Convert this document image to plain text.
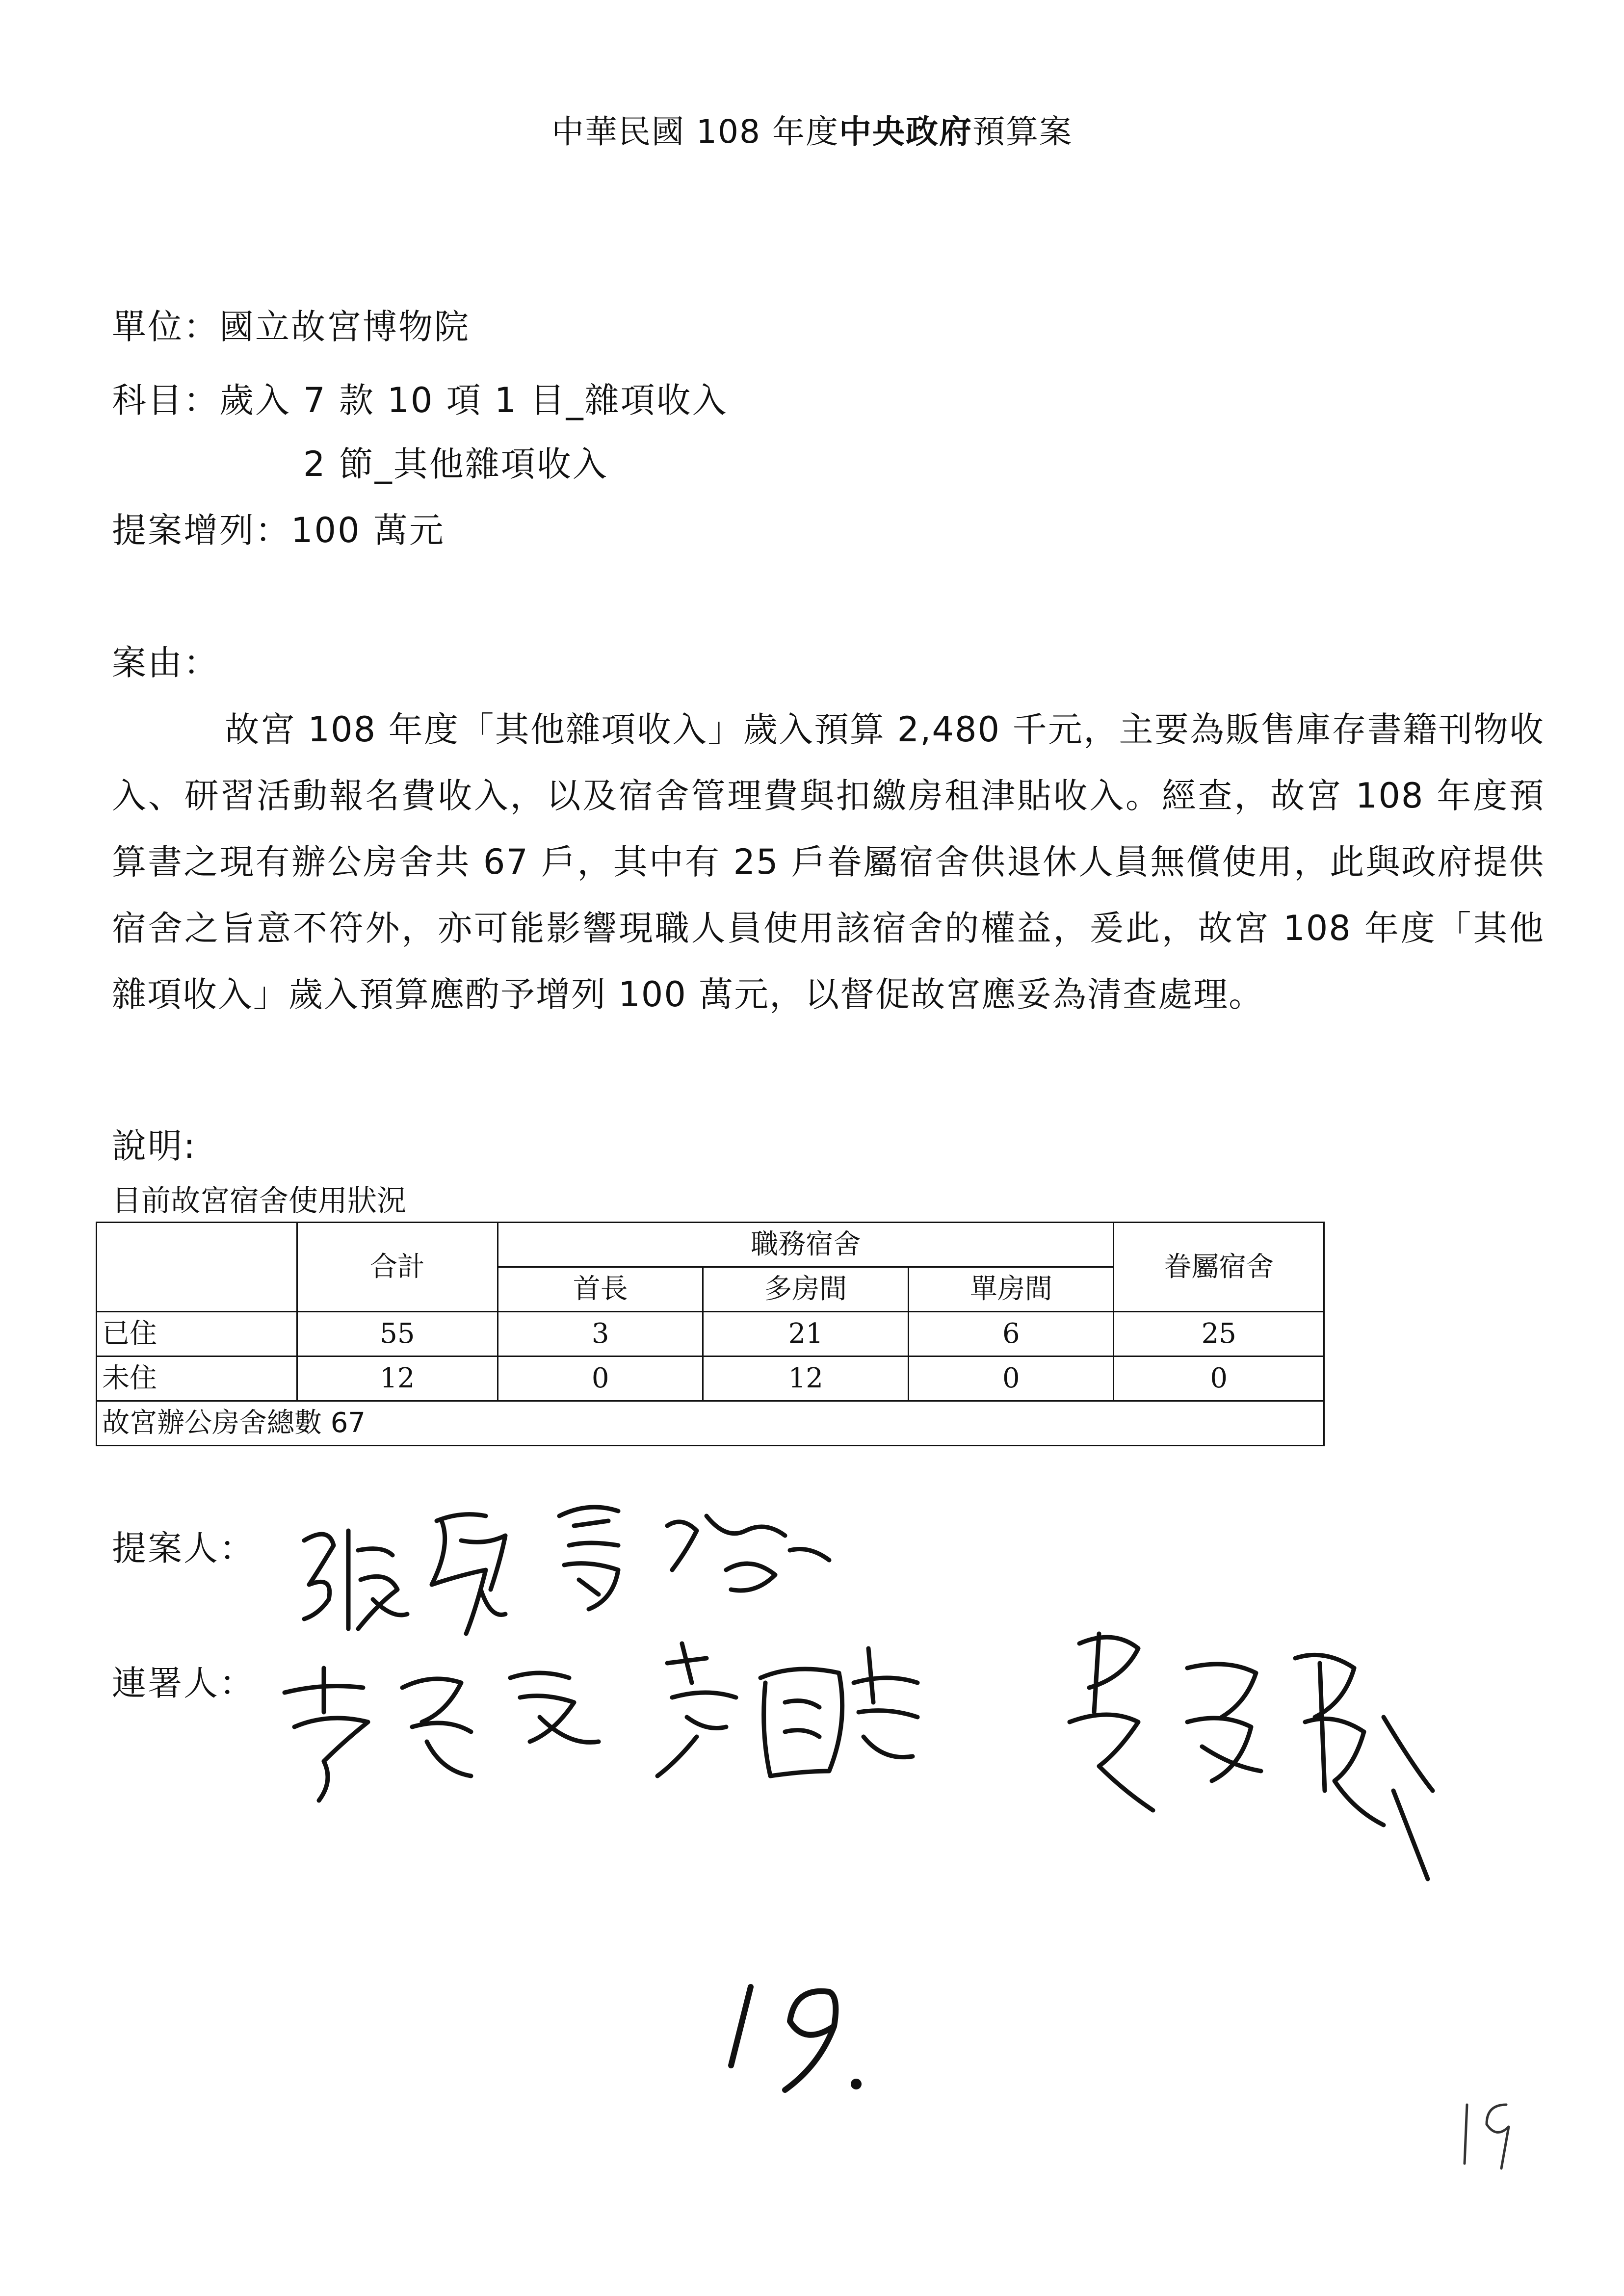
中華民國 108 年度中央政府預算案
單位：國立故宮博物院
科目：歲入 7 款 10 項 1 目_雜項收入
2 節_其他雜項收入
提案增列：100 萬元
案由：
故宮 108 年度「其他雜項收入」歲入預算 2,480 千元，主要為販售庫存書籍刊物收入、研習活動報名費收入，以及宿舍管理費與扣繳房租津貼收入。經查，故宮 108 年度預算書之現有辦公房舍共 67 戶，其中有 25 戶眷屬宿舍供退休人員無償使用，此與政府提供宿舍之旨意不符外，亦可能影響現職人員使用該宿舍的權益，爰此，故宮 108 年度「其他雜項收入」歲入預算應酌予增列 100 萬元，以督促故宮應妥為清查處理。
說明:
目前故宮宿舍使用狀況
	合計	職務宿舍			眷屬宿舍
		首長	多房間	單房間	
已住	55	3	21	6	25
未住	12	0	12	0	0
故宮辦公房舍總數 67					
提案人：
連署人：
